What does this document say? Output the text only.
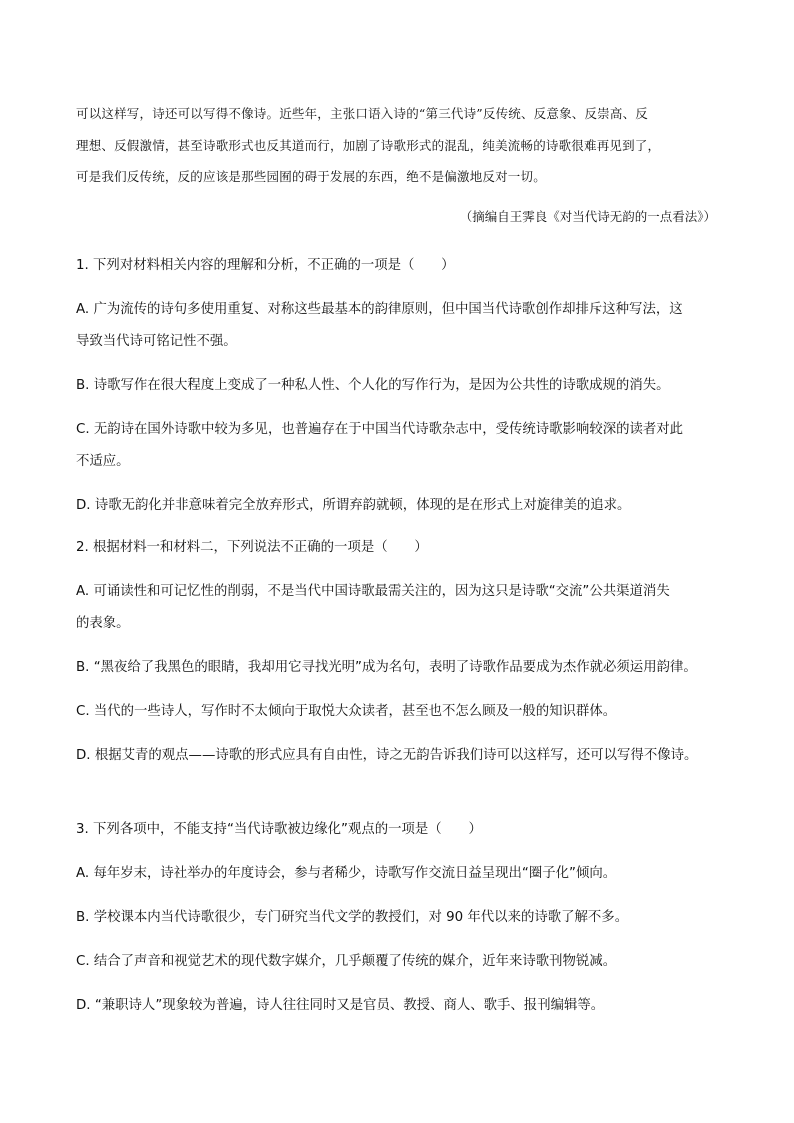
可以这样写，诗还可以写得不像诗。近些年，主张口语入诗的“第三代诗”反传统、反意象、反崇高、反
理想、反假激情，甚至诗歌形式也反其道而行，加剧了诗歌形式的混乱，纯美流畅的诗歌很难再见到了，
可是我们反传统，反的应该是那些园囿的碍于发展的东西，绝不是偏激地反对一切。
（摘编自王霁良《对当代诗无韵的一点看法》）
1. 下列对材料相关内容的理解和分析，不正确的一项是（　　）
A. 广为流传的诗句多使用重复、对称这些最基本的韵律原则，但中国当代诗歌创作却排斥这种写法，这
导致当代诗可铭记性不强。
B. 诗歌写作在很大程度上变成了一种私人性、个人化的写作行为，是因为公共性的诗歌成规的消失。
C. 无韵诗在国外诗歌中较为多见，也普遍存在于中国当代诗歌杂志中，受传统诗歌影响较深的读者对此
不适应。
D. 诗歌无韵化并非意味着完全放弃形式，所谓弃韵就顿，体现的是在形式上对旋律美的追求。
2. 根据材料一和材料二，下列说法不正确的一项是（　　）
A. 可诵读性和可记忆性的削弱，不是当代中国诗歌最需关注的，因为这只是诗歌“交流”公共渠道消失
的表象。
B. “黑夜给了我黑色的眼睛，我却用它寻找光明”成为名句，表明了诗歌作品要成为杰作就必须运用韵律。
C. 当代的一些诗人，写作时不太倾向于取悦大众读者，甚至也不怎么顾及一般的知识群体。
D. 根据艾青的观点——诗歌的形式应具有自由性，诗之无韵告诉我们诗可以这样写，还可以写得不像诗。
3. 下列各项中，不能支持“当代诗歌被边缘化”观点的一项是（　　）
A. 每年岁末，诗社举办的年度诗会，参与者稀少，诗歌写作交流日益呈现出“圈子化”倾向。
B. 学校课本内当代诗歌很少，专门研究当代文学的教授们，对 90 年代以来的诗歌了解不多。
C. 结合了声音和视觉艺术的现代数字媒介，几乎颠覆了传统的媒介，近年来诗歌刊物锐减。
D. “兼职诗人”现象较为普遍，诗人往往同时又是官员、教授、商人、歌手、报刊编辑等。
